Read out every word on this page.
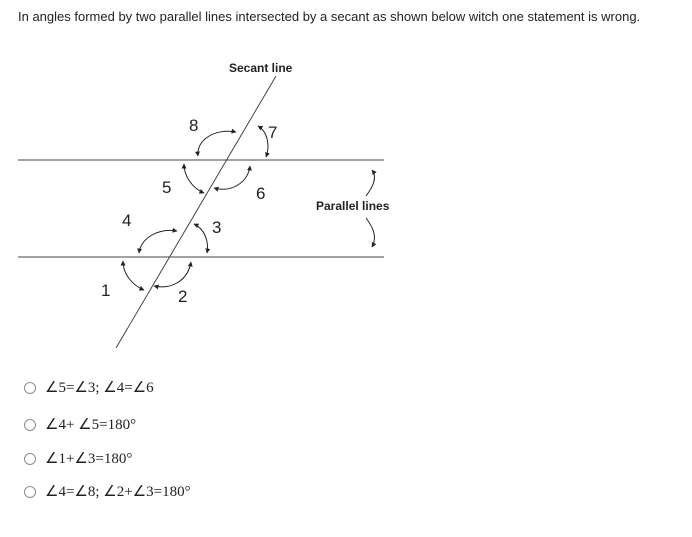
In angles formed by two parallel lines intersected by a secant as shown below witch one statement is wrong.
Secant line
Parallel lines
8	7
5	6
4	3
1	2
∠5=∠3; ∠4=∠6
∠4+ ∠5=180°
∠1+∠3=180°
∠4=∠8; ∠2+∠3=180°
